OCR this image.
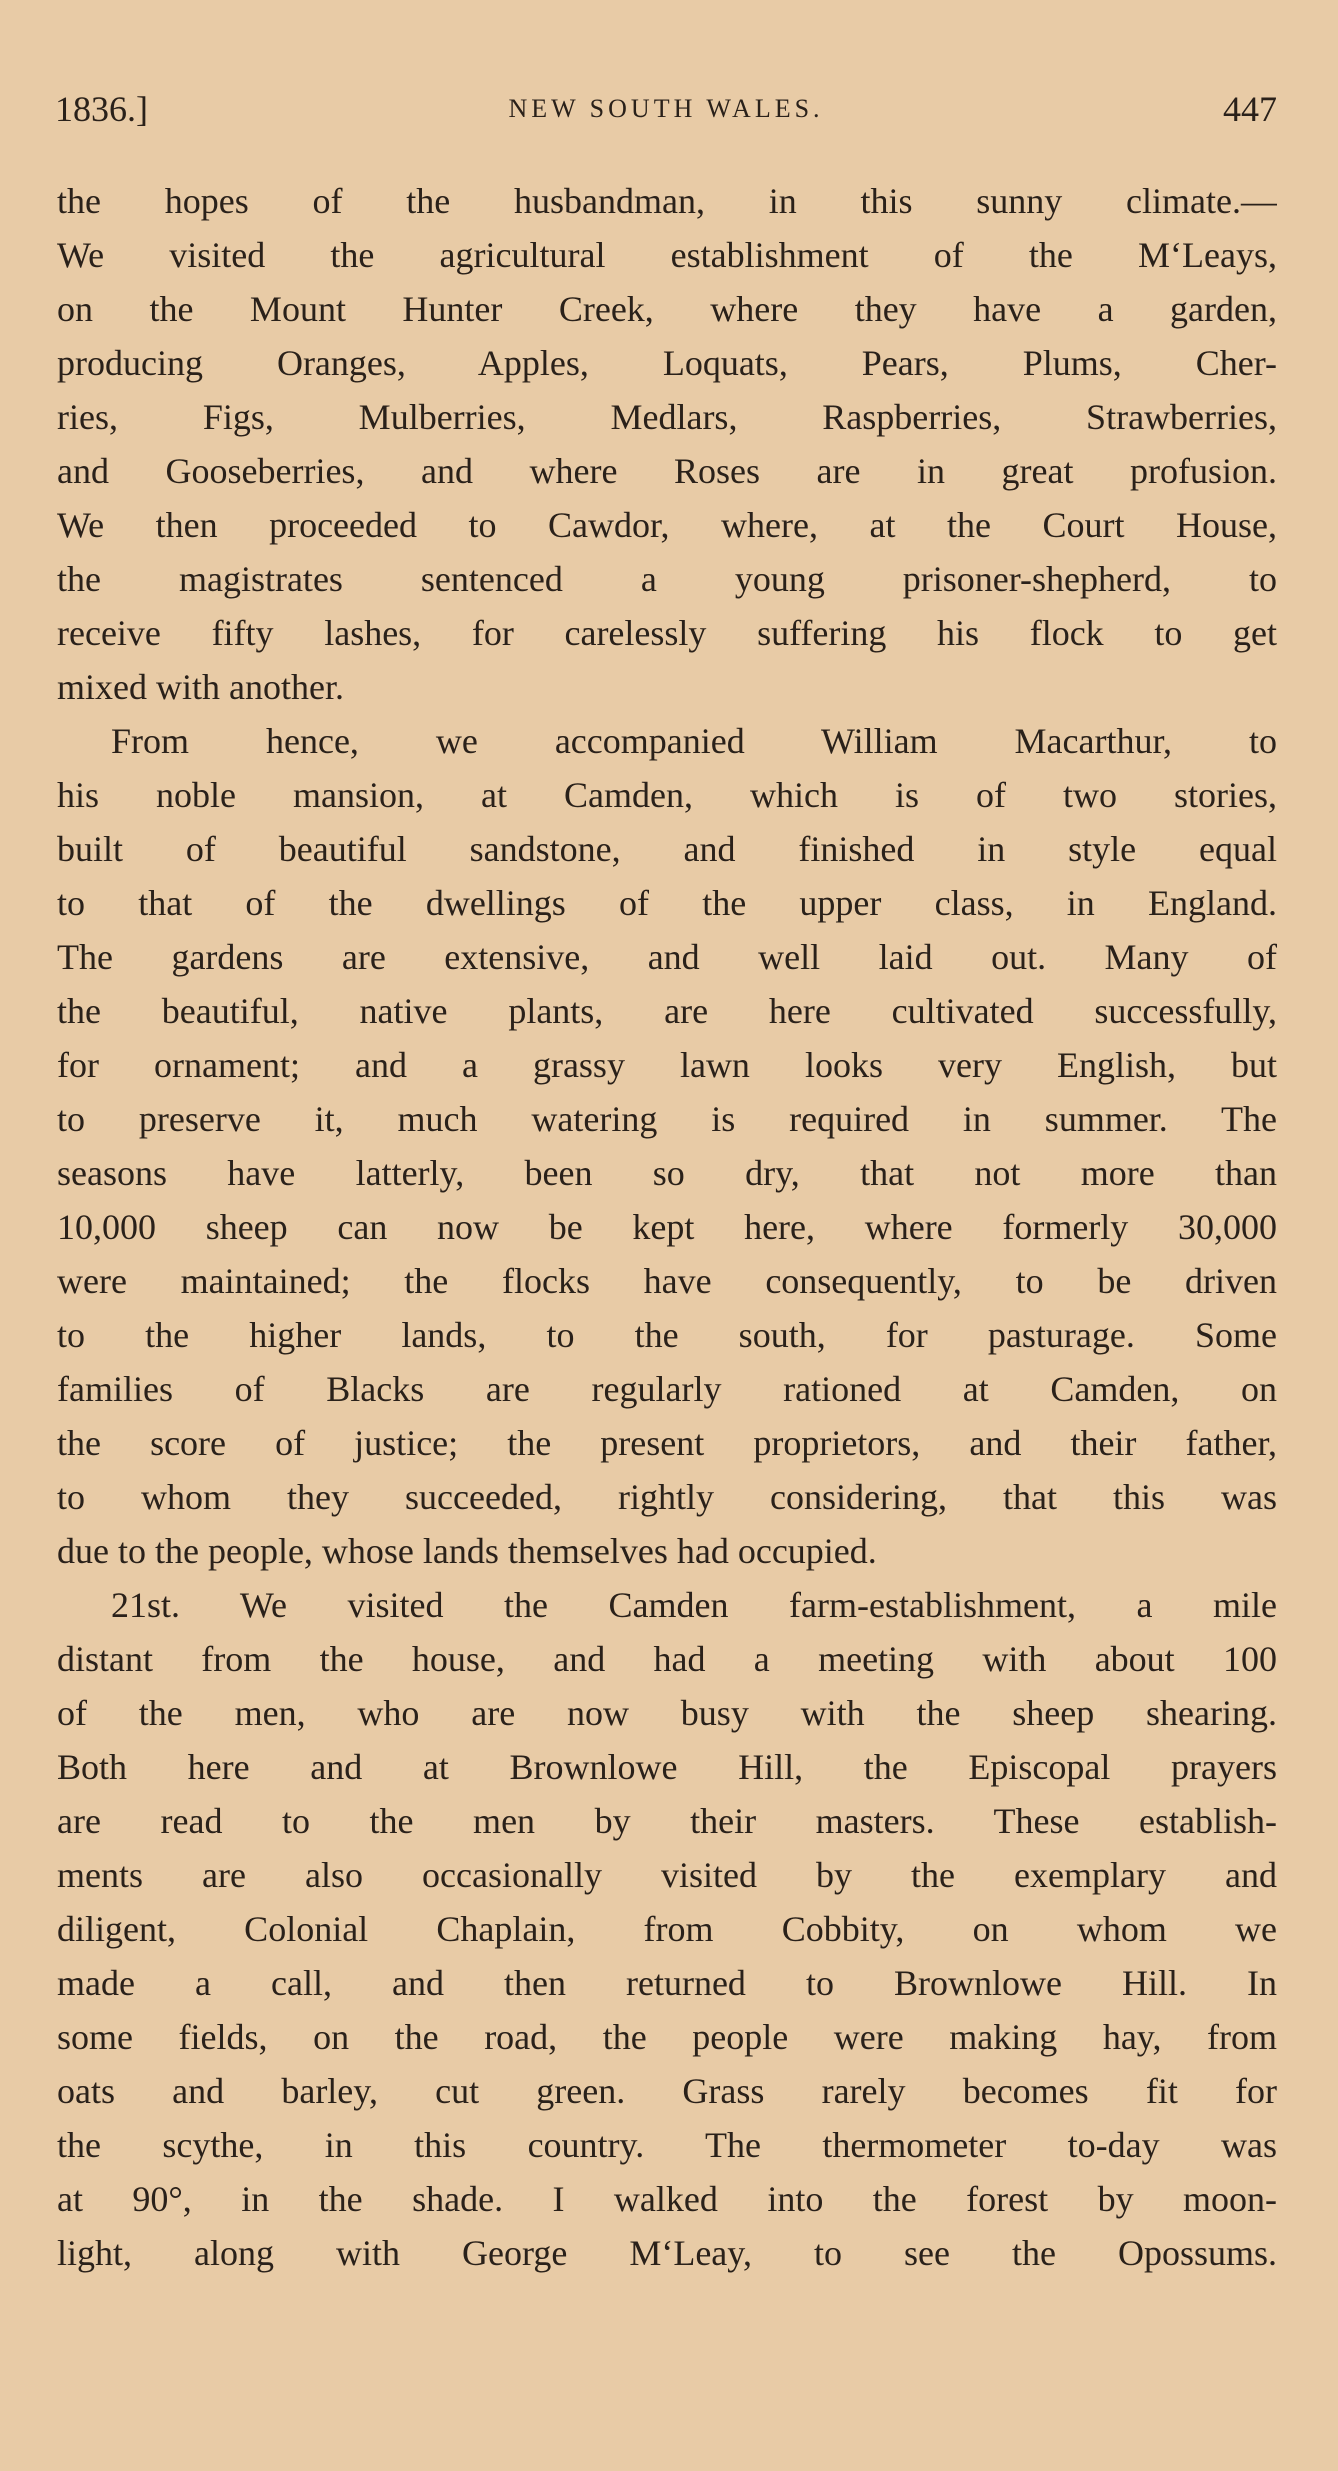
1836.]	NEW SOUTH WALES.	447
the hopes of the husbandman, in this sunny climate.—
We visited the agricultural establishment of the M‘Leays,
on the Mount Hunter Creek, where they have a garden,
producing Oranges, Apples, Loquats, Pears, Plums, Cher-
ries, Figs, Mulberries, Medlars, Raspberries, Strawberries,
and Gooseberries, and where Roses are in great profusion.
We then proceeded to Cawdor, where, at the Court House,
the magistrates sentenced a young prisoner-shepherd, to
receive fifty lashes, for carelessly suffering his flock to get
mixed with another.
From hence, we accompanied William Macarthur, to
his noble mansion, at Camden, which is of two stories,
built of beautiful sandstone, and finished in style equal
to that of the dwellings of the upper class, in England.
The gardens are extensive, and well laid out. Many of
the beautiful, native plants, are here cultivated successfully,
for ornament; and a grassy lawn looks very English, but
to preserve it, much watering is required in summer. The
seasons have latterly, been so dry, that not more than
10,000 sheep can now be kept here, where formerly 30,000
were maintained; the flocks have consequently, to be driven
to the higher lands, to the south, for pasturage. Some
families of Blacks are regularly rationed at Camden, on
the score of justice; the present proprietors, and their father,
to whom they succeeded, rightly considering, that this was
due to the people, whose lands themselves had occupied.
21st. We visited the Camden farm-establishment, a mile
distant from the house, and had a meeting with about 100
of the men, who are now busy with the sheep shearing.
Both here and at Brownlowe Hill, the Episcopal prayers
are read to the men by their masters. These establish-
ments are also occasionally visited by the exemplary and
diligent, Colonial Chaplain, from Cobbity, on whom we
made a call, and then returned to Brownlowe Hill. In
some fields, on the road, the people were making hay, from
oats and barley, cut green. Grass rarely becomes fit for
the scythe, in this country. The thermometer to-day was
at 90°, in the shade. I walked into the forest by moon-
light, along with George M‘Leay, to see the Opossums.
